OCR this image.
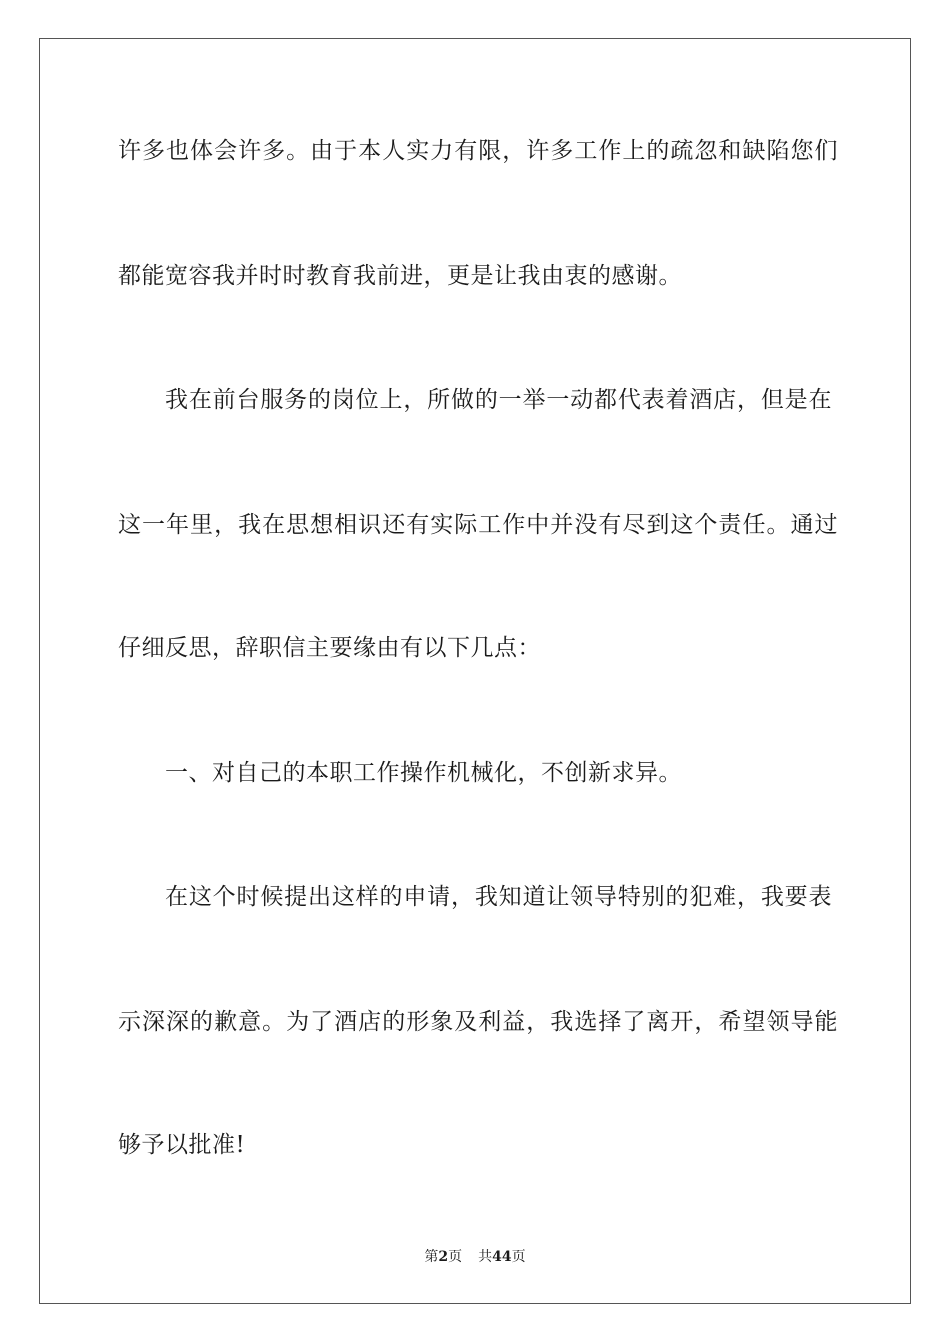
许多也体会许多。由于本人实力有限，许多工作上的疏忽和缺陷您们
都能宽容我并时时教育我前进，更是让我由衷的感谢。
我在前台服务的岗位上，所做的一举一动都代表着酒店，但是在
这一年里，我在思想相识还有实际工作中并没有尽到这个责任。通过
仔细反思，辞职信主要缘由有以下几点：
一、对自己的本职工作操作机械化，不创新求异。
在这个时候提出这样的申请，我知道让领导特别的犯难，我要表
示深深的歉意。为了酒店的形象及利益，我选择了离开，希望领导能
够予以批准!
第2页 共44页
